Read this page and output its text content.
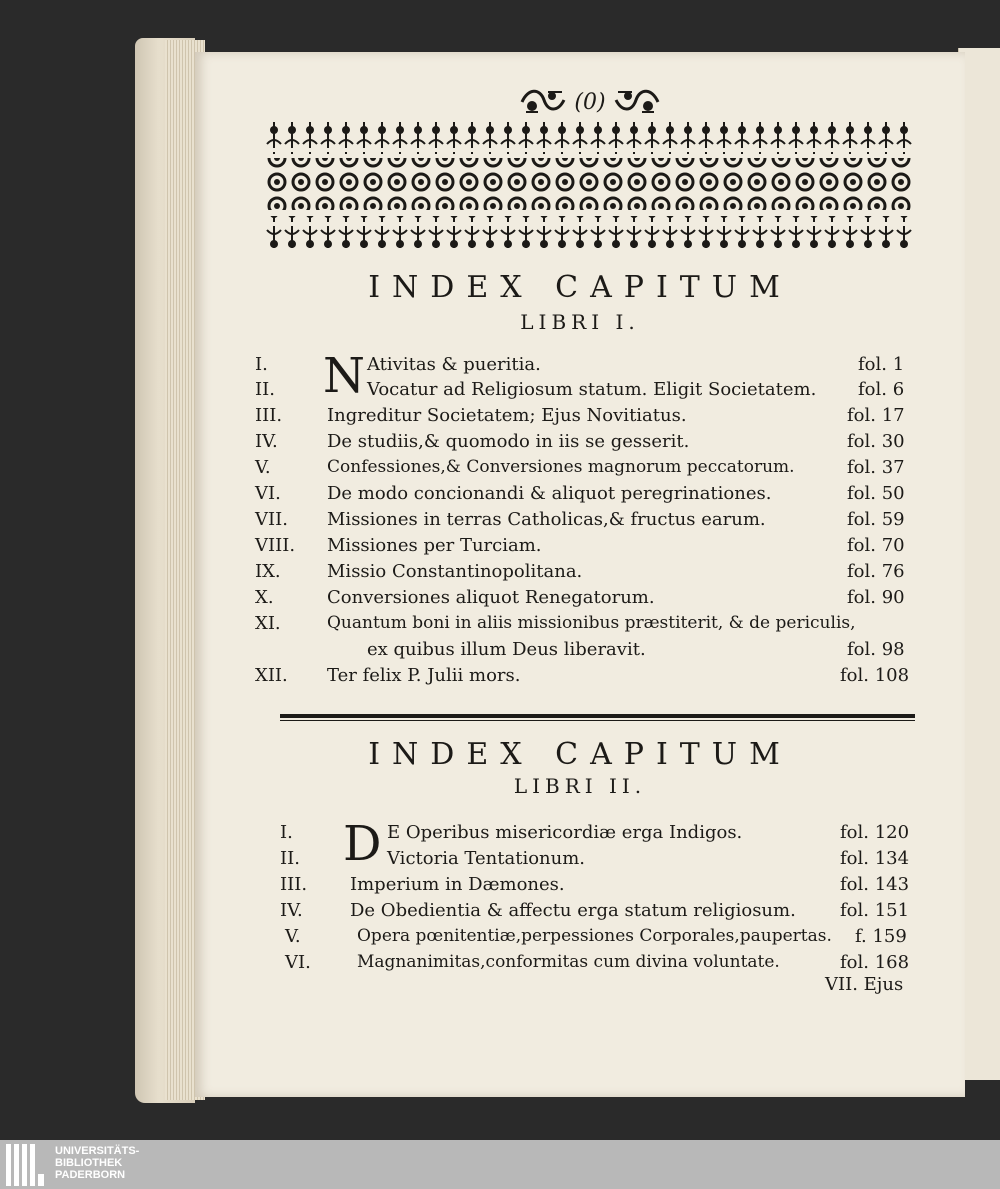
(0)
INDEX CAPITUM
LIBRI I.
N
I.	Ativitas & pueritia.	fol. 1
II.	Vocatur ad Religiosum statum. Eligit Societatem. fol. 6
III. Ingreditur Societatem; Ejus Novitiatus.	fol. 17
IV.	De studiis,& quomodo in iis se gesserit.	fol. 30
V.	Confessiones,& Conversiones magnorum peccatorum.	fol. 37
VI.	De modo concionandi & aliquot peregrinationes.	fol. 50
VII. Missiones in terras Catholicas,& fructus earum.	fol. 59
VIII. Missiones per Turciam.	fol. 70
IX.	Missio Constantinopolitana.	fol. 76
X.	Conversiones aliquot Renegatorum.	fol. 90
XI.	Quantum boni in aliis missionibus præstiterit, & de periculis,
ex quibus illum Deus liberavit.	fol. 98
XII. Ter felix P. Julii mors.	fol. 108
INDEX CAPITUM
LIBRI II.
D
I.	E Operibus misericordiæ erga Indigos.	fol. 120
II.	Victoria Tentationum.	fol. 134
III. Imperium in Dæmones.	fol. 143
IV.	De Obedientia & affectu erga statum religiosum. fol. 151
V.	Opera pœnitentiæ,perpessiones Corporales,paupertas. f. 159
VI.	Magnanimitas,conformitas cum divina voluntate.	fol. 168
VII. Ejus
UNIVERSITÄTS-
BIBLIOTHEK
PADERBORN
